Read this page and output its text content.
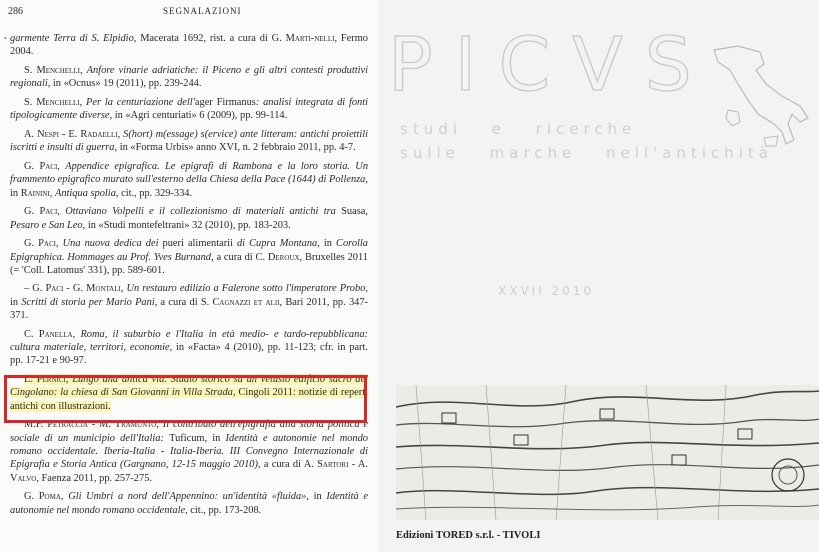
286	SEGNALAZIONI
• garmente Terra di S. Elpidio, Macerata 1692, rist. a cura di G. Marti-nelli, Fermo 2004.

S. Menchelli, Anfore vinarie adriatiche: il Piceno e gli altri contesti produttivi regionali, in «Ocnus» 19 (2011), pp. 239-244.

S. Menchelli, Per la centuriazione dell'ager Firmanus: analisi integrata di fonti tipologicamente diverse, in «Agri centuriati» 6 (2009), pp. 99-114.

A. Nespi - E. Radaelli, S(hort) m(essage) s(ervice) ante litteram: antichi proiettili iscritti e insulti di guerra, in «Forma Urbis» anno XVI, n. 2 febbraio 2011, pp. 4-7.

G. Paci, Appendice epigrafica. Le epigrafi di Rambona e la loro storia. Un frammento epigrafico murato sull'esterno della Chiesa della Pace (1644) di Pollenza, in Rainini, Antiqua spolia, cit., pp. 329-334.

G. Paci, Ottaviano Volpelli e il collezionismo di materiali antichi tra Suasa, Pesaro e San Leo, in «Studi montefeltrani» 32 (2010), pp. 183-203.

G. Paci, Una nuova dedica dei pueri alimentarii di Cupra Montana, in Corolla Epigraphica. Hommages au Prof. Yves Burnand, a cura di C. Deroux, Bruxelles 2011 (= 'Coll. Latomus' 331), pp. 589-601.

– G. Paci - G. Montali, Un restauro edilizio a Falerone sotto l'imperatore Probo, in Scritti di storia per Mario Pani, a cura di S. Cagnazzi et alii, Bari 2011, pp. 347-371.

C. Panella, Roma, il suburbio e l'Italia in età medio- e tardo-repubblicana: cultura materiale, territori, economie, in «Facta» 4 (2010), pp. 11-123; cfr. in part. pp. 17-21 e 90-97.

L. Pernici, Lungo una antica via. Studio storico su un vetusto edificio sacro del Cingolano: la chiesa di San Giovanni in Villa Strada, Cingoli 2011: notizie di reperti antichi con illustrazioni.

M.F. Petraccia - M. Tramunto, Il contributo dell'epigrafia alla storia politica e sociale di un municipio dell'Italia: Tuficum, in Identità e autonomie nel mondo romano occidentale. Iberia-Italia - Italia-Iberia. III Convegno Internazionale di Epigrafia e Storia Antica (Gargnano, 12-15 maggio 2010), a cura di A. Sartori - A. Valvo, Faenza 2011, pp. 257-275.

G. Poma, Gli Umbri a nord dell'Appennino: un'identità «fluida», in Identità e autonomie nel mondo romano occidentale, cit., pp. 173-208.

PICVS
studi e ricerche
sulle marche nell'antichità
XXVII 2010
Edizioni TORED s.r.l. - TIVOLI
